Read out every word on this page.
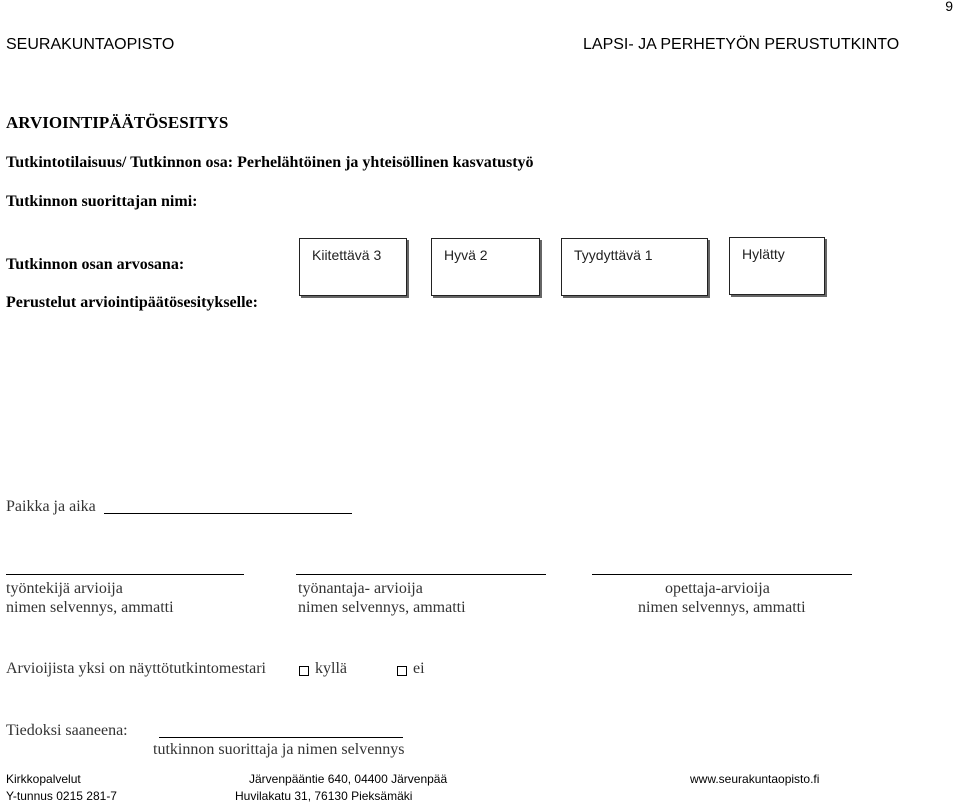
9
SEURAKUNTAOPISTO	LAPSI- JA PERHETYÖN PERUSTUTKINTO
ARVIOINTIPÄÄTÖSESITYS
Tutkintotilaisuus/ Tutkinnon osa: Perhelähtöinen ja yhteisöllinen kasvatustyö
Tutkinnon suorittajan nimi:
Tutkinnon osan arvosana:
Kiitettävä 3	Hyvä 2	Tyydyttävä 1	Hylätty
Perustelut arviointipäätösesitykselle:
Paikka ja aika
työntekijä arvioija
nimen selvennys, ammatti
työnantaja- arvioija
nimen selvennys, ammatti
opettaja-arvioija
nimen selvennys, ammatti
Arvioijista yksi on näyttötutkintomestari	kyllä	ei
Tiedoksi saaneena:
tutkinnon suorittaja ja nimen selvennys
Kirkkopalvelut	Järvenpääntie 640, 04400 Järvenpää	www.seurakuntaopisto.fi
Y-tunnus 0215 281-7	Huvilakatu 31, 76130 Pieksämäki
